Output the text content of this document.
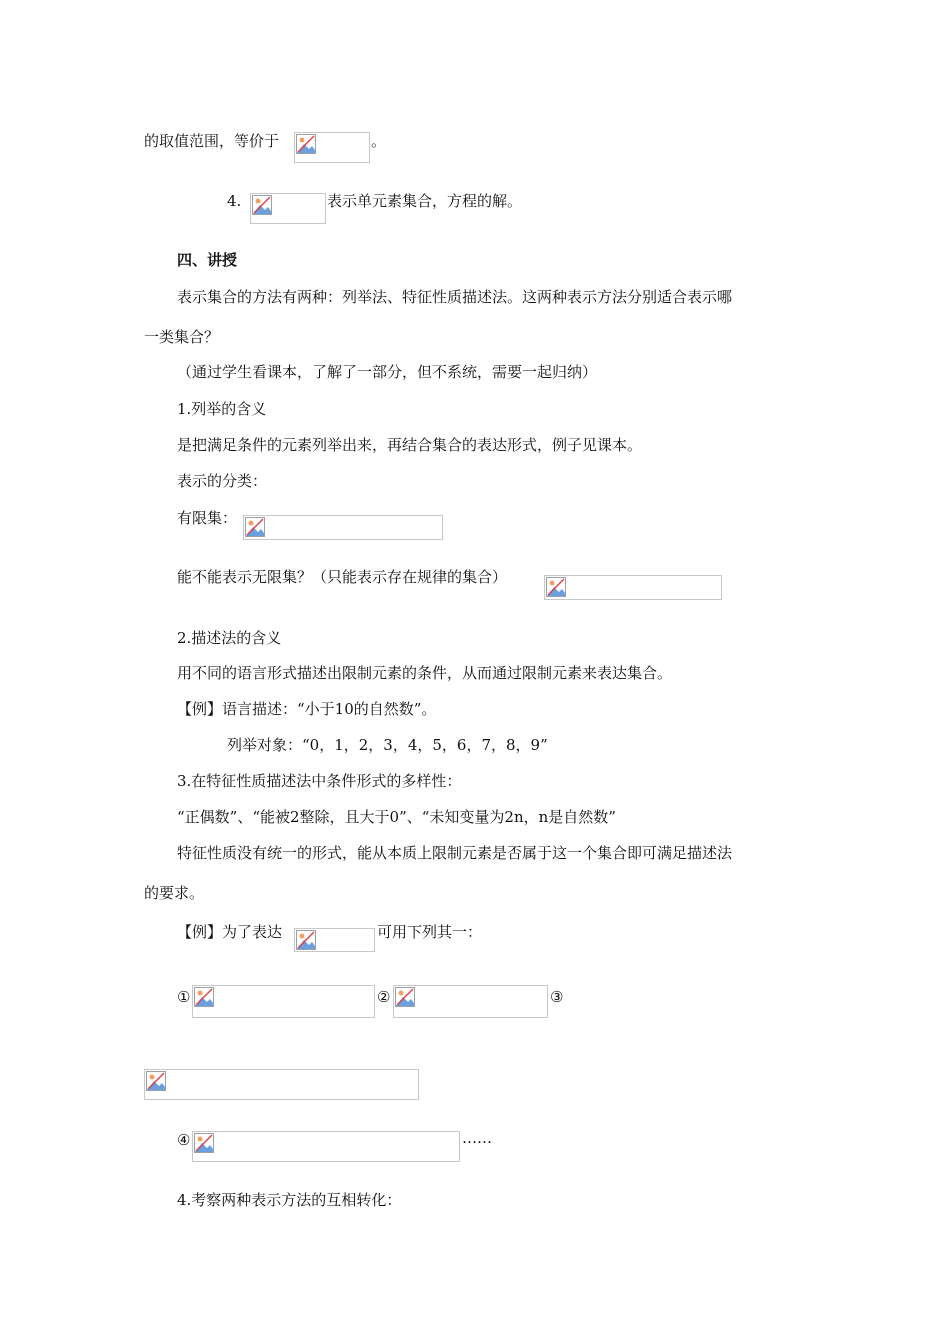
的取值范围，等价于	。
4.	表示单元素集合，方程的解。
四、讲授
表示集合的方法有两种：列举法、特征性质描述法。这两种表示方法分别适合表示哪
一类集合？
（通过学生看课本，了解了一部分，但不系统，需要一起归纳）
1.列举的含义
是把满足条件的元素列举出来，再结合集合的表达形式，例子见课本。
表示的分类：
有限集：
能不能表示无限集？（只能表示存在规律的集合）
2.描述法的含义
用不同的语言形式描述出限制元素的条件，从而通过限制元素来表达集合。
【例】语言描述：“小于10的自然数”。
列举对象：“0，1，2，3，4，5，6，7，8，9”
3.在特征性质描述法中条件形式的多样性：
“正偶数”、“能被2整除，且大于0”、“未知变量为2n，n是自然数”
特征性质没有统一的形式，能从本质上限制元素是否属于这一个集合即可满足描述法
的要求。
【例】为了表达	可用下列其一：
①	②	③
④	……
4.考察两种表示方法的互相转化：
